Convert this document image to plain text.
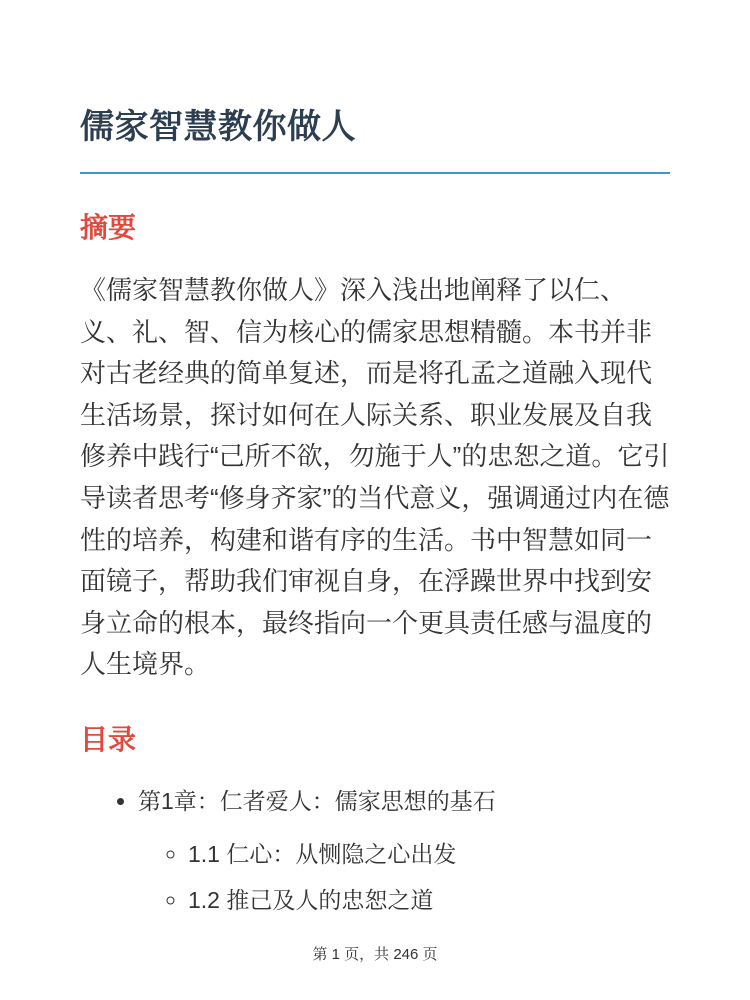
儒家智慧教你做人
摘要

《儒家智慧教你做人》深入浅出地阐释了以仁、义、礼、智、信为核心的儒家思想精髓。本书并非对古老经典的简单复述，而是将孔孟之道融入现代生活场景，探讨如何在人际关系、职业发展及自我修养中践行“己所不欲，勿施于人”的忠恕之道。它引导读者思考“修身齐家”的当代意义，强调通过内在德性的培养，构建和谐有序的生活。书中智慧如同一面镜子，帮助我们审视自身，在浮躁世界中找到安身立命的根本，最终指向一个更具责任感与温度的人生境界。

目录
• 第1章：仁者爱人：儒家思想的基石
◦ 1.1 仁心：从恻隐之心出发
◦ 1.2 推己及人的忠恕之道
第 1 页，共 246 页
